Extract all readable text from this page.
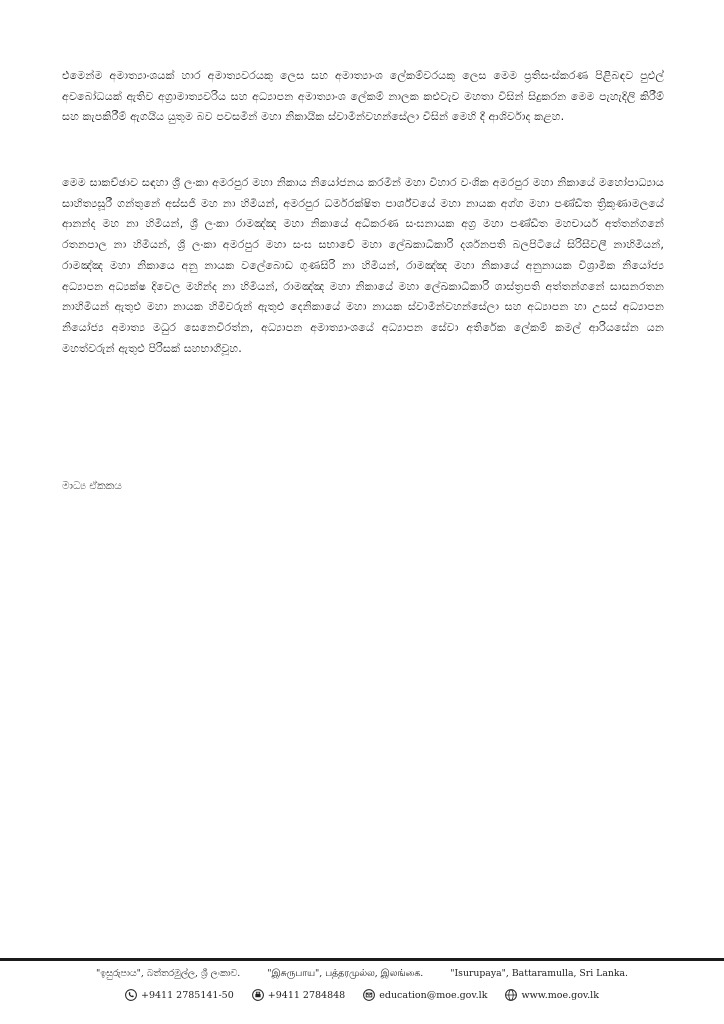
එමෙන්ම අමාත්‍යාංශයක් හාර අමාත්‍යවරයකු ලෙස සහ අමාත්‍යාංශ ලේකම්වරයකු ලෙස මෙම ප්‍රතිසංස්කරණ පිළිබඳව පුළුල් අවබෝධයක් ඇතිව අග්‍රාමාත්‍යවරිය සහ අධ්‍යාපන අමාත්‍යාංශ ලේකම් නාලක කළුවැව මහතා විසින් සිදුකරන මෙම පැහැදිලි කිරීම් සහ කැපකිරීම් ඇගයිය යුතුම බව පවසමින් මහා නිකායික ස්වාමීන්වහන්සේලා විසින් මෙහි දී ආශිර්වාද කළහ.

මෙම සාකච්ඡාව සඳහා ශ්‍රී ලංකා අමරපුර මහා නිකාය නියෝජනය කරමින් මහා විහාර වංශික අමරපුර මහා නිකායේ මහෝපාධ්‍යාය සාහිත්‍යසූරී ගන්තුනේ අස්සජි මහ නා හිමියන්, අමරපුර ධර්මරක්ෂිත පාර්ශ්වයේ මහා නායක අග්ග මහා පණ්ඩිත ත්‍රිකුණාමලයේ ආනන්ද මහ නා හිමියන්, ශ්‍රී ලංකා රාමඤ්ඤ මහා නිකායේ අධිකරණ සංඝනායක අග්‍ර මහා පණ්ඩිත මහචාර්ය අත්තන්ගනේ රතනපාල නා හිමියන්, ශ්‍රී ලංකා අමරපුර මහා සංඝ සභාවේ මහා ලේඛකාධිකාරි දර්ශනපති බලපිටියේ සිරිසීවලී නාහිමියන්, රාමඤ්ඤ මහා නිකායෙ අනු නායක වලේබොඩ ගුණසිරි නා හිමියන්, රාමඤ්ඤ මහා නිකායේ අනුනායක විශ්‍රාමික නියෝජ්‍ය අධ්‍යාපන අධ්‍යක්ෂ දිවෙල මහින්ද නා හිමියන්, රාමඤ්ඤ මහා නිකායේ මහා ලේඛකාධිකාරි ශාස්ත්‍රපති අත්තන්ගනේ සාසනරතන නාහිමියන් ඇතුළු මහා නායක හිමිවරුන් ඇතුළු දෙනිකායේ මහා නායක ස්වාමීන්වහන්සේලා සහ අධ්‍යාපන හා උසස් අධ්‍යාපන නියෝජ්‍ය අමාත්‍ය මධුර සෙනෙවිරත්න, අධ්‍යාපන අමාත්‍යාංශයේ අධ්‍යාපන සේවා අතිරේක ලේකම් කමල් ආරියසේන යන මහත්වරුන් ඇතුළු පිරිසක් සහභාගීවූහ.

මාධ්‍ය ඒකකය

"ඉසුරුපාය", බත්තරමුල්ල, ශ්‍රී ලංකාව.	"இசுருபாய", பத்தரமுல்ல, இலங்கை.	"Isurupaya", Battaramulla, Sri Lanka.
+9411 2785141-50	+9411 2784848	education@moe.gov.lk	www.moe.gov.lk
